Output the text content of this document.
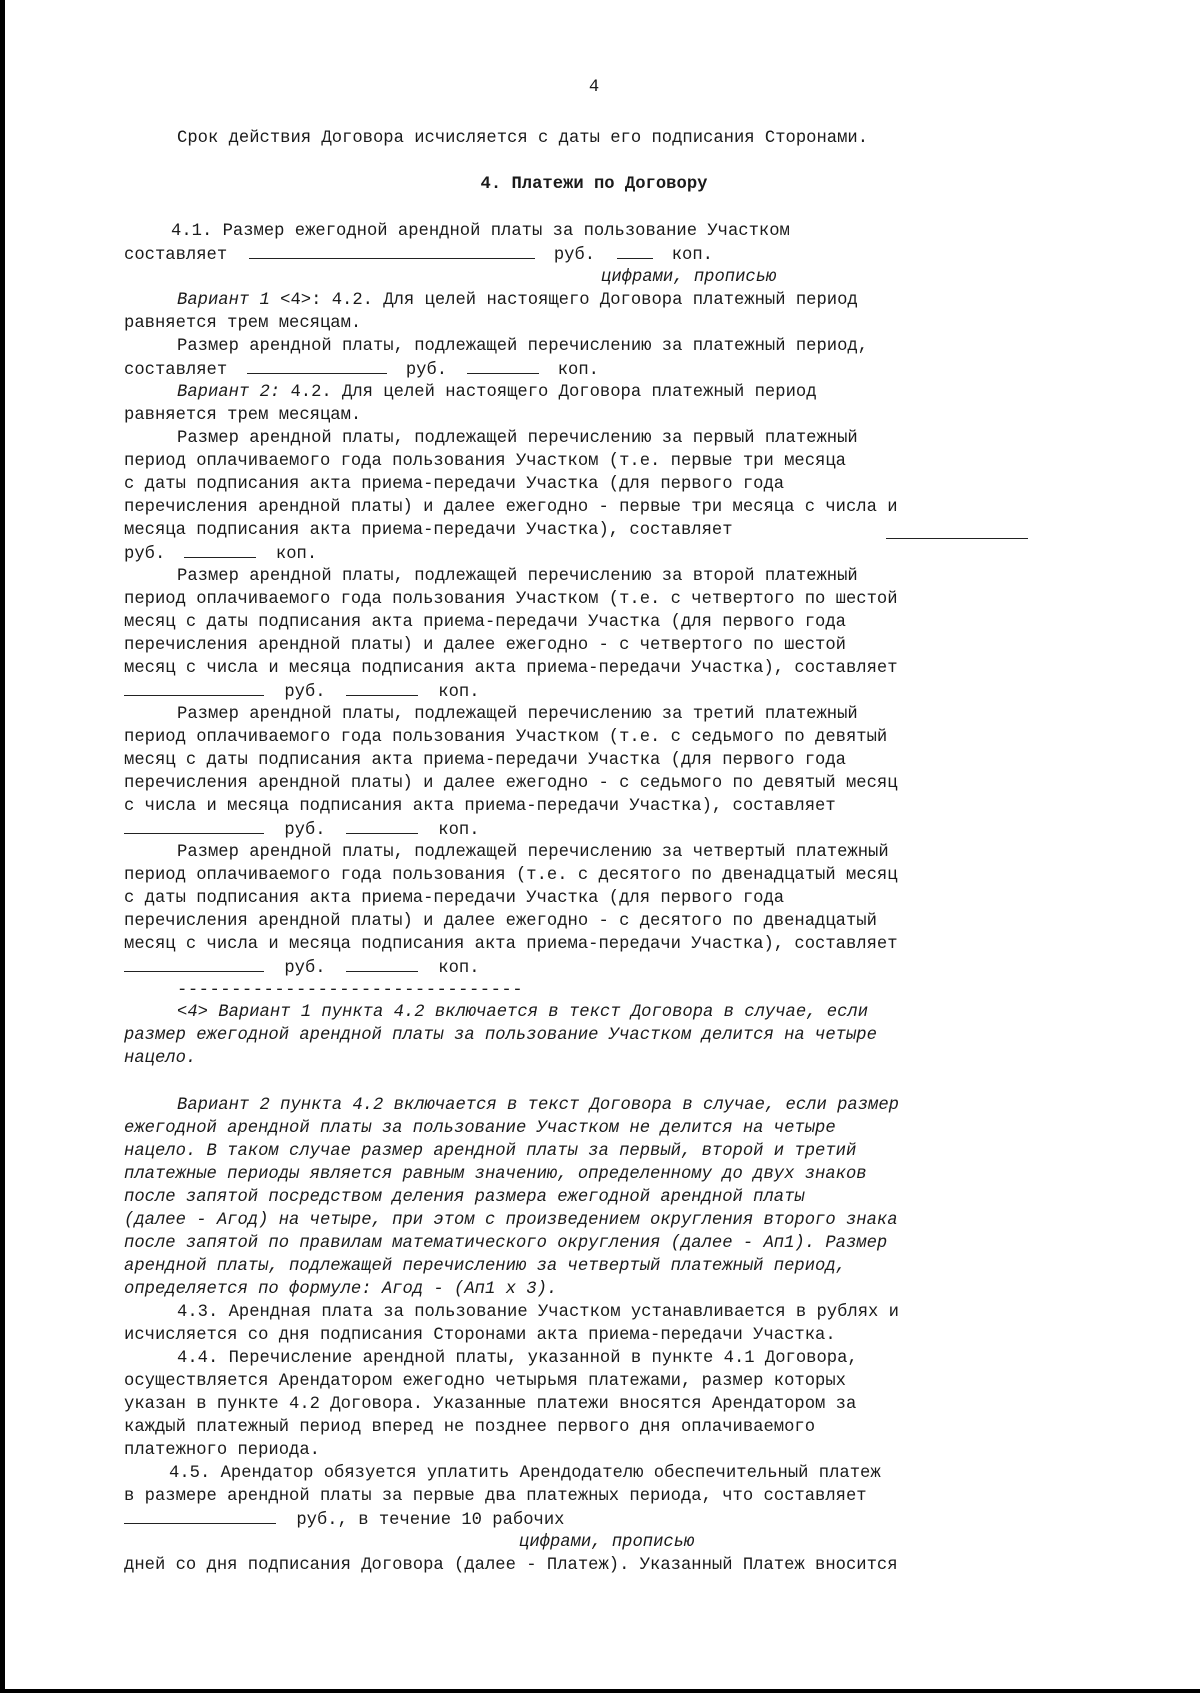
4
Срок действия Договора исчисляется с даты его подписания Сторонами.
4. Платежи по Договору
4.1. Размер ежегодной арендной платы за пользование Участком
составляет	руб.	коп.
цифрами, прописью
Вариант 1 <4>: 4.2. Для целей настоящего Договора платежный период
равняется трем месяцам.
Размер арендной платы, подлежащей перечислению за платежный период,
составляет	руб.	коп.
Вариант 2: 4.2. Для целей настоящего Договора платежный период
равняется трем месяцам.
Размер арендной платы, подлежащей перечислению за первый платежный
период оплачиваемого года пользования Участком (т.е. первые три месяца
с даты подписания акта приема-передачи Участка (для первого года
перечисления арендной платы) и далее ежегодно - первые три месяца с числа и
месяца подписания акта приема-передачи Участка), составляет
руб.	коп.
Размер арендной платы, подлежащей перечислению за второй платежный
период оплачиваемого года пользования Участком (т.е. с четвертого по шестой
месяц с даты подписания акта приема-передачи Участка (для первого года
перечисления арендной платы) и далее ежегодно - с четвертого по шестой
месяц с числа и месяца подписания акта приема-передачи Участка), составляет
руб.	коп.
Размер арендной платы, подлежащей перечислению за третий платежный
период оплачиваемого года пользования Участком (т.е. с седьмого по девятый
месяц с даты подписания акта приема-передачи Участка (для первого года
перечисления арендной платы) и далее ежегодно - с седьмого по девятый месяц
с числа и месяца подписания акта приема-передачи Участка), составляет
руб.	коп.
Размер арендной платы, подлежащей перечислению за четвертый платежный
период оплачиваемого года пользования (т.е. с десятого по двенадцатый месяц
с даты подписания акта приема-передачи Участка (для первого года
перечисления арендной платы) и далее ежегодно - с десятого по двенадцатый
месяц с числа и месяца подписания акта приема-передачи Участка), составляет
руб.	коп.
--------------------------------
<4> Вариант 1 пункта 4.2 включается в текст Договора в случае, если
размер ежегодной арендной платы за пользование Участком делится на четыре
нацело.
Вариант 2 пункта 4.2 включается в текст Договора в случае, если размер
ежегодной арендной платы за пользование Участком не делится на четыре
нацело. В таком случае размер арендной платы за первый, второй и третий
платежные периоды является равным значению, определенному до двух знаков
после запятой посредством деления размера ежегодной арендной платы
(далее - Агод) на четыре, при этом с произведением округления второго знака
после запятой по правилам математического округления (далее - Ап1). Размер
арендной платы, подлежащей перечислению за четвертый платежный период,
определяется по формуле: Агод - (Ап1 х 3).
4.3. Арендная плата за пользование Участком устанавливается в рублях и
исчисляется со дня подписания Сторонами акта приема-передачи Участка.
4.4. Перечисление арендной платы, указанной в пункте 4.1 Договора,
осуществляется Арендатором ежегодно четырьмя платежами, размер которых
указан в пункте 4.2 Договора. Указанные платежи вносятся Арендатором за
каждый платежный период вперед не позднее первого дня оплачиваемого
платежного периода.
4.5. Арендатор обязуется уплатить Арендодателю обеспечительный платеж
в размере арендной платы за первые два платежных периода, что составляет
руб., в течение 10 рабочих
цифрами, прописью
дней со дня подписания Договора (далее - Платеж). Указанный Платеж вносится
